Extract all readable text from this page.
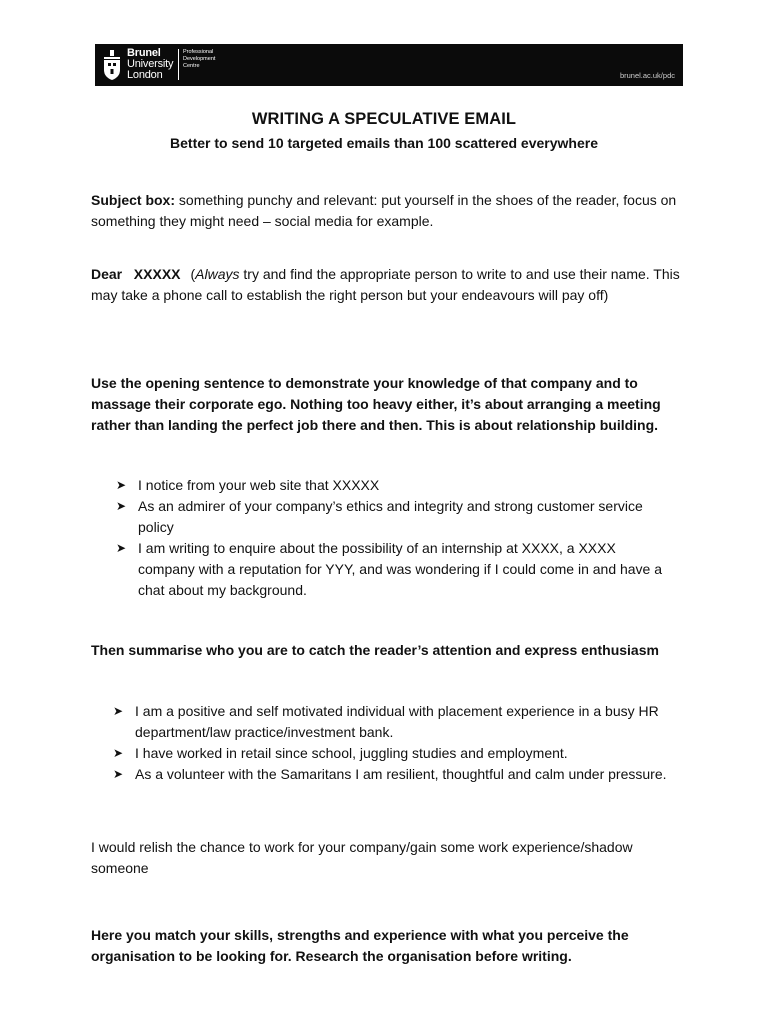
Brunel
University
London
Professional
Development
Centre
brunel.ac.uk/pdc
WRITING A SPECULATIVE EMAIL
Better to send 10 targeted emails than 100 scattered everywhere

Subject box: something punchy and relevant: put yourself in the shoes of the reader, focus on something they might need – social media for example.

Dear   XXXXX (Always try and find the appropriate person to write to and use their name. This may take a phone call to establish the right person but your endeavours will pay off)

Use the opening sentence to demonstrate your knowledge of that company and to massage their corporate ego. Nothing too heavy either, it’s about arranging a meeting rather than landing the perfect job there and then. This is about relationship building.

➤ I notice from your web site that XXXXX
➤ As an admirer of your company’s ethics and integrity and strong customer service policy
➤ I am writing to enquire about the possibility of an internship at XXXX, a XXXX company with a reputation for YYY, and was wondering if I could come in and have a chat about my background.

Then summarise who you are to catch the reader’s attention and express enthusiasm

➤ I am a positive and self motivated individual with placement experience in a busy HR department/law practice/investment bank.
➤ I have worked in retail since school, juggling studies and employment.
➤ As a volunteer with the Samaritans I am resilient, thoughtful and calm under pressure.

I would relish the chance to work for your company/gain some work experience/shadow someone

Here you match your skills, strengths and experience with what you perceive the organisation to be looking for. Research the organisation before writing.
